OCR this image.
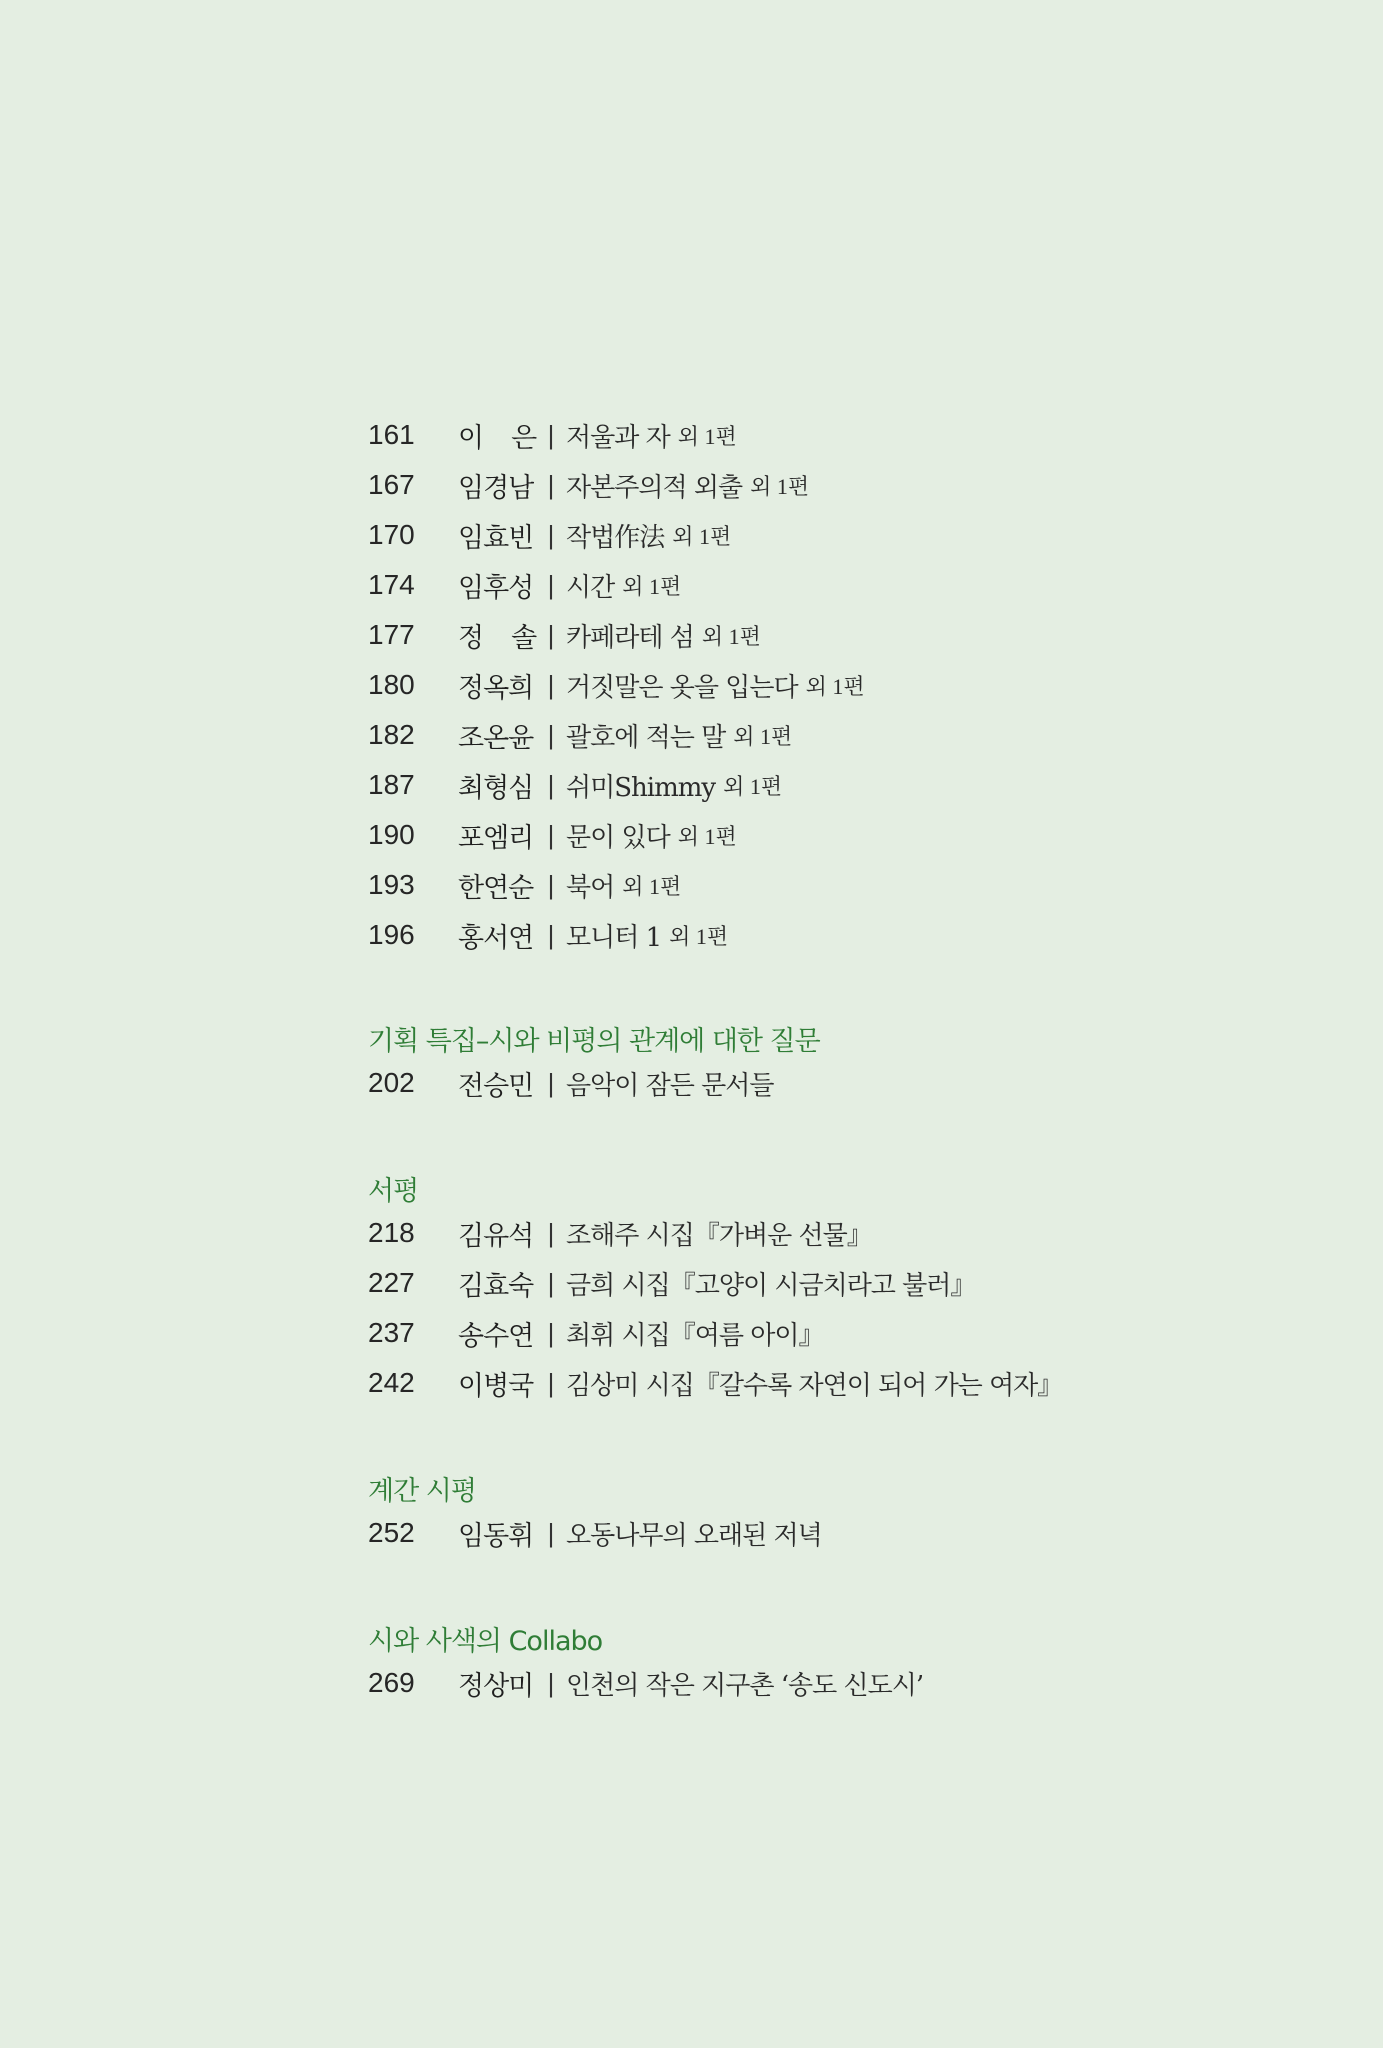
161	이　은 | 저울과 자 외 1편
167	임경남 | 자본주의적 외출 외 1편
170	임효빈 | 작법作法 외 1편
174	임후성 | 시간 외 1편
177	정　솔 | 카페라테 섬 외 1편
180	정옥희 | 거짓말은 옷을 입는다 외 1편
182	조온윤 | 괄호에 적는 말 외 1편
187	최형심 | 쉬미Shimmy 외 1편
190	포엠리 | 문이 있다 외 1편
193	한연순 | 북어 외 1편
196	홍서연 | 모니터 1 외 1편
기획 특집–시와 비평의 관계에 대한 질문
202	전승민 | 음악이 잠든 문서들
서평
218	김유석 | 조해주 시집『가벼운 선물』
227	김효숙 | 금희 시집『고양이 시금치라고 불러』
237	송수연 | 최휘 시집『여름 아이』
242	이병국 | 김상미 시집『갈수록 자연이 되어 가는 여자』
계간 시평
252	임동휘 | 오동나무의 오래된 저녁
시와 사색의 Collabo
269	정상미 | 인천의 작은 지구촌 ‘송도 신도시’
